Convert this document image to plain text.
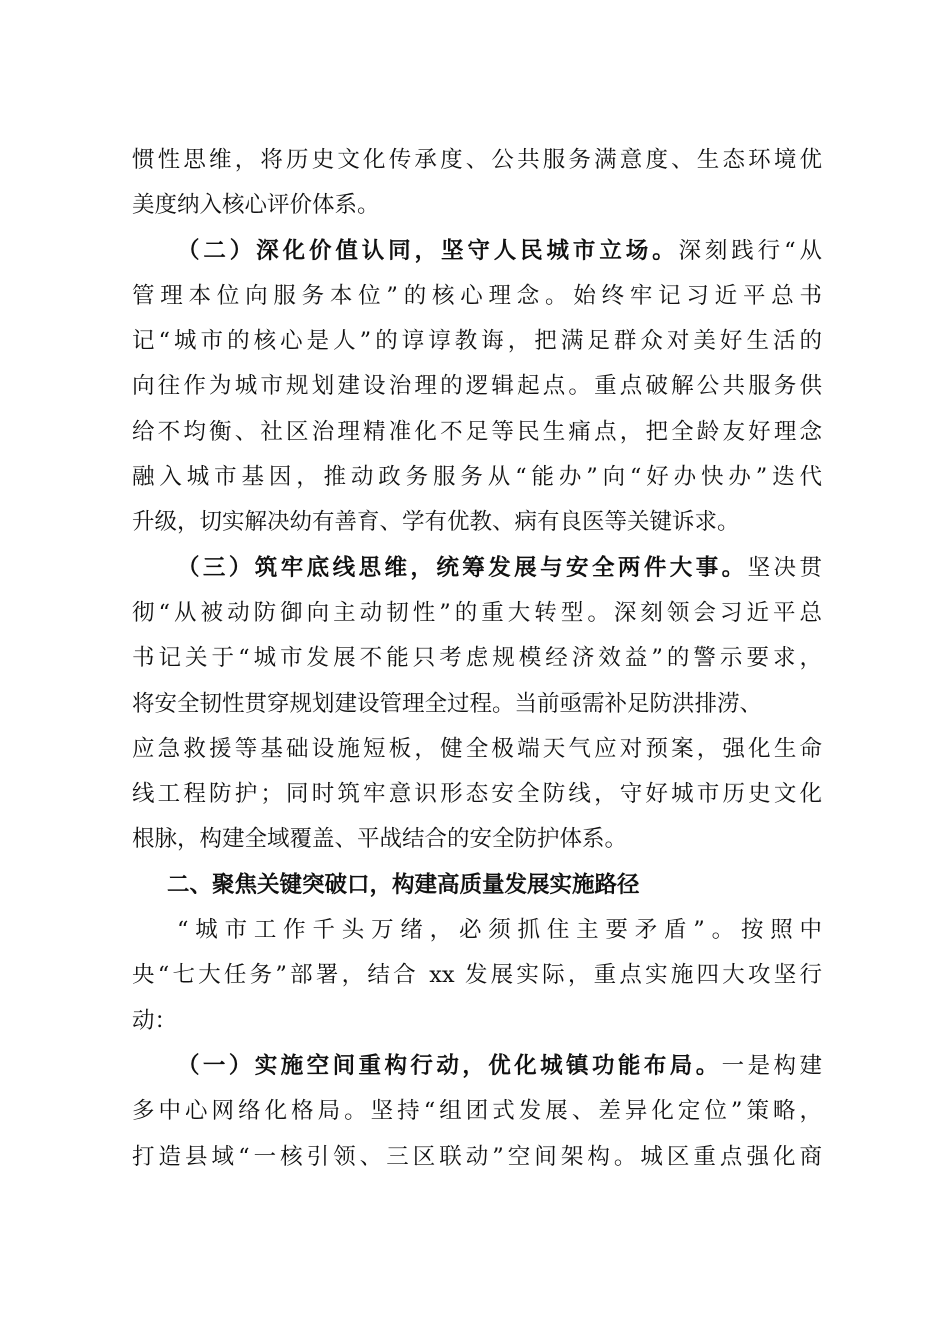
惯性思维，将历史文化传承度、公共服务满意度、生态环境优
美度纳入核心评价体系。
（二）深化价值认同，坚守人民城市立场。深刻践行“从
管理本位向服务本位”的核心理念。始终牢记习近平总书
记“城市的核心是人”的谆谆教诲，把满足群众对美好生活的
向往作为城市规划建设治理的逻辑起点。重点破解公共服务供
给不均衡、社区治理精准化不足等民生痛点，把全龄友好理念
融入城市基因，推动政务服务从“能办”向“好办快办”迭代
升级，切实解决幼有善育、学有优教、病有良医等关键诉求。
（三）筑牢底线思维，统筹发展与安全两件大事。坚决贯
彻“从被动防御向主动韧性”的重大转型。深刻领会习近平总
书记关于“城市发展不能只考虑规模经济效益”的警示要求，
将安全韧性贯穿规划建设管理全过程。当前亟需补足防洪排涝、
应急救援等基础设施短板，健全极端天气应对预案，强化生命
线工程防护；同时筑牢意识形态安全防线，守好城市历史文化
根脉，构建全域覆盖、平战结合的安全防护体系。
二、聚焦关键突破口，构建高质量发展实施路径
“城市工作千头万绪，必须抓住主要矛盾”。按照中
央“七大任务”部署，结合 xx 发展实际，重点实施四大攻坚行
动：
（一）实施空间重构行动，优化城镇功能布局。一是构建
多中心网络化格局。坚持“组团式发展、差异化定位”策略，
打造县域“一核引领、三区联动”空间架构。城区重点强化商
